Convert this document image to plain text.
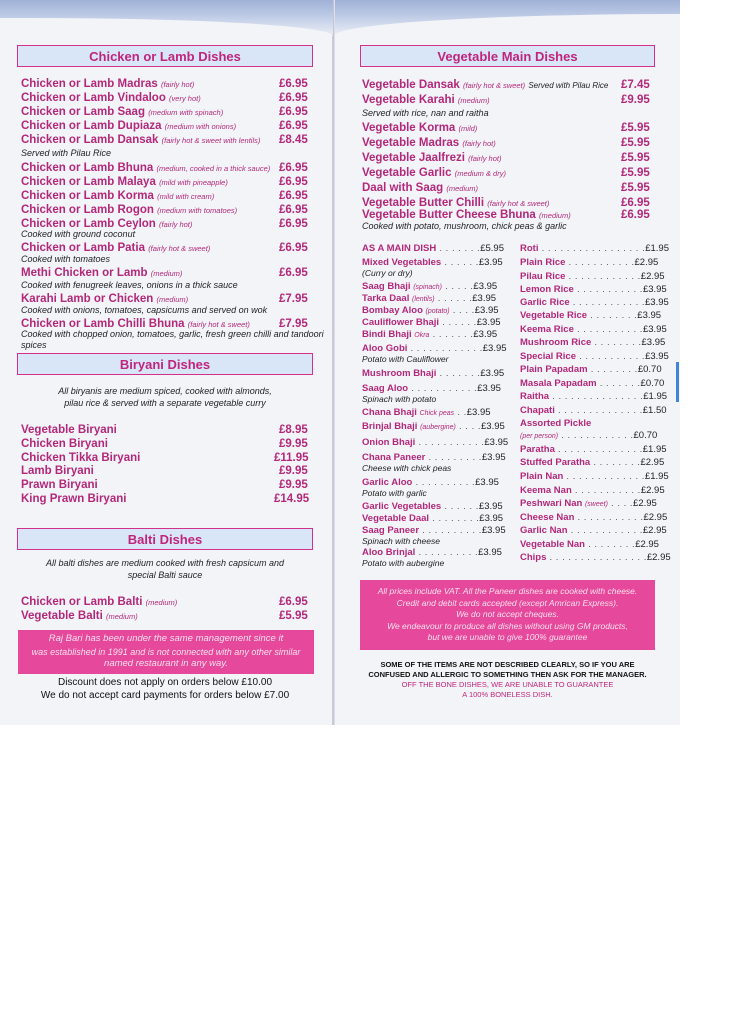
Chicken or Lamb Dishes
Chicken or Lamb Madras (fairly hot)	£6.95
Chicken or Lamb Vindaloo (very hot)	£6.95
Chicken or Lamb Saag (medium with spinach)	£6.95
Chicken or Lamb Dupiaza (medium with onions)	£6.95
Chicken or Lamb Dansak (fairly hot & sweet with lentils) £8.45
Chicken or Lamb Bhuna (medium, cooked in a thick sauce) £6.95
Chicken or Lamb Malaya (mild with pineapple)	£6.95
Chicken or Lamb Korma (mild with cream)	£6.95
Chicken or Lamb Rogon (medium with tomatoes)	£6.95
Chicken or Lamb Ceylon (fairly hot)	£6.95
Chicken or Lamb Patia (fairly hot & sweet)	£6.95
Methi Chicken or Lamb (medium)	£6.95
Karahi Lamb or Chicken (medium)	£7.95
Chicken or Lamb Chilli Bhuna (fairly hot & sweet)	£7.95
Served with Pilau Rice
Cooked with ground coconut
Cooked with tomatoes
Cooked with fenugreek leaves, onions in a thick sauce
Cooked with onions, tomatoes, capsicums and served on wok
Cooked with chopped onion, tomatoes, garlic, fresh green chilli and tandoori
spices
Biryani Dishes
All biryanis are medium spiced, cooked with almonds,
pilau rice & served with a separate vegetable curry
Vegetable Biryani	£8.95
Chicken Biryani	£9.95
Chicken Tikka Biryani	£11.95
Lamb Biryani	£9.95
Prawn Biryani	£9.95
King Prawn Biryani	£14.95
Balti Dishes
All balti dishes are medium cooked with fresh capsicum and
special Balti sauce
Chicken or Lamb Balti (medium)	£6.95
Vegetable Balti (medium)	£5.95
Raj Bari has been under the same management since it
was established in 1991 and is not connected with any other similar
named restaurant in any way.
Discount does not apply on orders below £10.00
We do not accept card payments for orders below £7.00
Vegetable Main Dishes
Vegetable Dansak (fairly hot & sweet) Served with Pilau Rice £7.45
Vegetable Karahi (medium)	£9.95
Vegetable Korma (mild)	£5.95
Vegetable Madras (fairly hot)	£5.95
Vegetable Jaalfrezi (fairly hot)	£5.95
Vegetable Garlic (medium & dry)	£5.95
Daal with Saag (medium)	£5.95
Vegetable Butter Chilli (fairly hot & sweet)	£6.95
Vegetable Butter Cheese Bhuna (medium)	£6.95
Served with rice, nan and raitha
Cooked with potato, mushroom, chick peas & garlic
AS A MAIN DISH . . . . . . .£5.95
Mixed Vegetables . . . . . .£3.95
(Curry or dry)
Saag Bhaji (spinach) . . . . .£3.95
Tarka Daal (lentils) . . . . . .£3.95
Bombay Aloo (potato) . . . .£3.95
Cauliflower Bhaji . . . . . .£3.95
Bindi Bhaji Okra . . . . . . .£3.95
Aloo Gobi . . . . . . . . . . . .£3.95
Potato with Cauliflower
Mushroom Bhaji . . . . . . .£3.95
Saag Aloo . . . . . . . . . . .£3.95
Spinach with potato
Chana Bhaji Chick peas . .£3.95
Brinjal Bhaji (aubergine) . . . .£3.95
Onion Bhaji . . . . . . . . . . .£3.95
Chana Paneer . . . . . . . . .£3.95
Cheese with chick peas
Garlic Aloo . . . . . . . . . .£3.95
Potato with garlic
Garlic Vegetables . . . . . .£3.95
Vegetable Daal . . . . . . . .£3.95
Saag Paneer . . . . . . . . . .£3.95
Spinach with cheese
Aloo Brinjal . . . . . . . . . .£3.95
Potato with aubergine
Roti . . . . . . . . . . . . . . . . .£1.95
Plain Rice . . . . . . . . . . .£2.95
Pilau Rice . . . . . . . . . . . .£2.95
Lemon Rice . . . . . . . . . . .£3.95
Garlic Rice . . . . . . . . . . . .£3.95
Vegetable Rice . . . . . . . .£3.95
Keema Rice . . . . . . . . . . .£3.95
Mushroom Rice . . . . . . . .£3.95
Special Rice . . . . . . . . . . .£3.95
Plain Papadam . . . . . . . .£0.70
Masala Papadam . . . . . . .£0.70
Raitha . . . . . . . . . . . . . . .£1.95
Chapati . . . . . . . . . . . . . .£1.50
Assorted Pickle
(per person) . . . . . . . . . . . .£0.70
Paratha . . . . . . . . . . . . . .£1.95
Stuffed Paratha . . . . . . . .£2.95
Plain Nan . . . . . . . . . . . . .£1.95
Keema Nan . . . . . . . . . . .£2.95
Peshwari Nan (sweet) . . . .£2.95
Cheese Nan . . . . . . . . . . .£2.95
Garlic Nan . . . . . . . . . . . .£2.95
Vegetable Nan . . . . . . . .£2.95
Chips . . . . . . . . . . . . . . . .£2.95
All prices include VAT. All the Paneer dishes are cooked with cheese.
Credit and debit cards accepted (except Amrican Express).
We do not accept cheques.
We endeavour to produce all dishes without using GM products,
but we are unable to give 100% guarantee
SOME OF THE ITEMS ARE NOT DESCRIBED CLEARLY, SO IF YOU ARE
CONFUSED AND ALLERGIC TO SOMETHING THEN ASK FOR THE MANAGER.
OFF THE BONE DISHES, WE ARE UNABLE TO GUARANTEE
A 100% BONELESS DISH.
